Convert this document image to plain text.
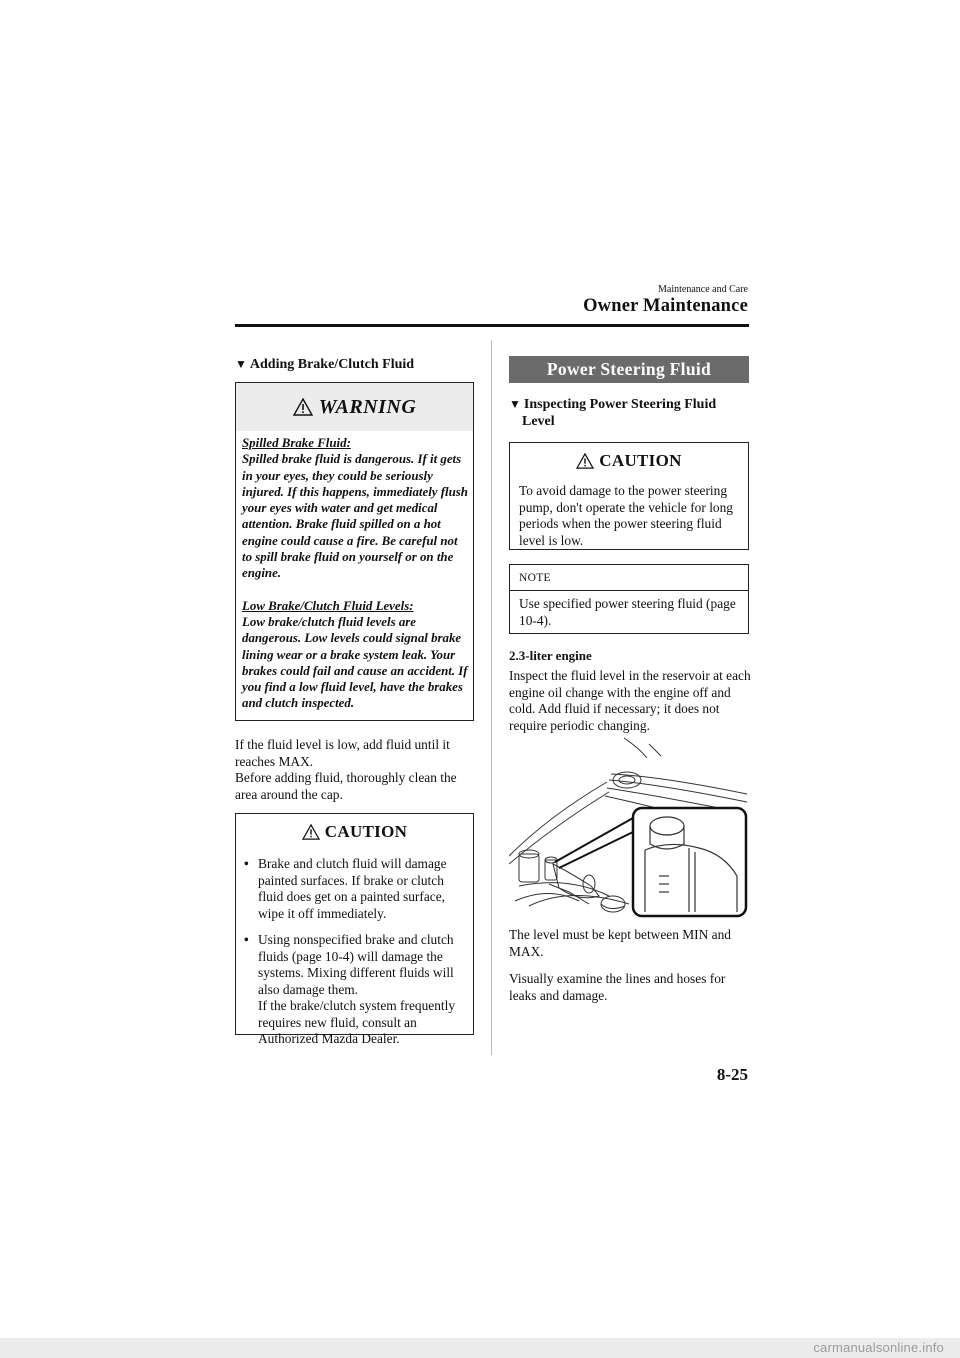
Maintenance and Care
Owner Maintenance
▼ Adding Brake/Clutch Fluid
WARNING
Spilled Brake Fluid:
Spilled brake fluid is dangerous. If it gets in your eyes, they could be seriously injured. If this happens, immediately flush your eyes with water and get medical attention. Brake fluid spilled on a hot engine could cause a fire. Be careful not to spill brake fluid on yourself or on the engine.
Low Brake/Clutch Fluid Levels:
Low brake/clutch fluid levels are dangerous. Low levels could signal brake lining wear or a brake system leak. Your brakes could fail and cause an accident. If you find a low fluid level, have the brakes and clutch inspected.
If the fluid level is low, add fluid until it reaches MAX.
Before adding fluid, thoroughly clean the area around the cap.
CAUTION
• Brake and clutch fluid will damage painted surfaces. If brake or clutch fluid does get on a painted surface, wipe it off immediately.
• Using nonspecified brake and clutch fluids (page 10-4) will damage the systems. Mixing different fluids will also damage them.
If the brake/clutch system frequently requires new fluid, consult an Authorized Mazda Dealer.
Power Steering Fluid
▼ Inspecting Power Steering Fluid
Level
CAUTION
To avoid damage to the power steering pump, don't operate the vehicle for long periods when the power steering fluid level is low.
NOTE
Use specified power steering fluid (page 10-4).
2.3-liter engine
Inspect the fluid level in the reservoir at each engine oil change with the engine off and cold. Add fluid if necessary; it does not require periodic changing.
The level must be kept between MIN and MAX.
Visually examine the lines and hoses for leaks and damage.
8-25
carmanualsonline.info
